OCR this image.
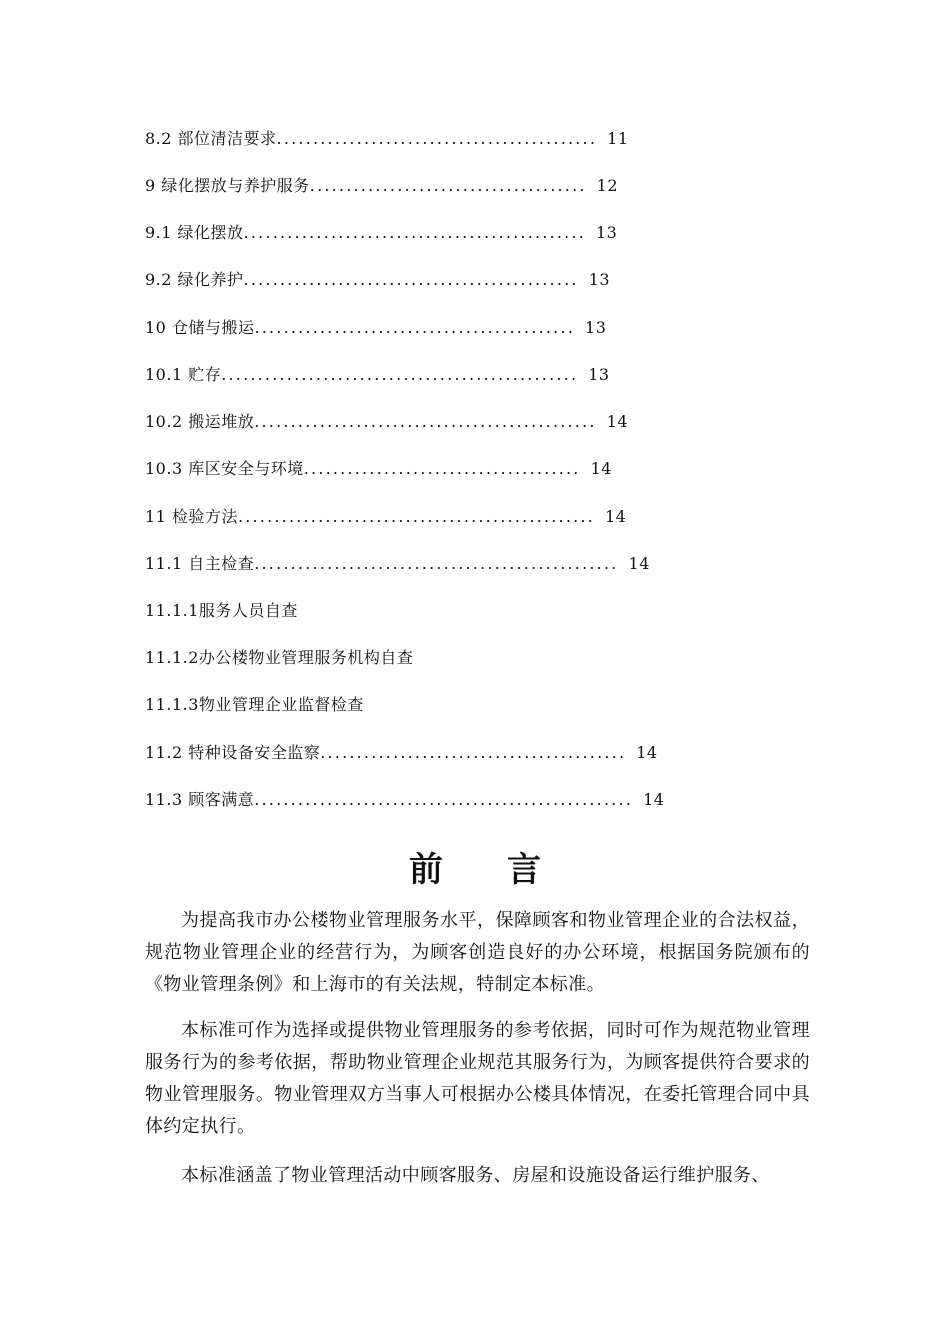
8.2 部位清洁要求............................................ 11
9 绿化摆放与养护服务...................................... 12
9.1 绿化摆放............................................... 13
9.2 绿化养护.............................................. 13
10 仓储与搬运............................................ 13
10.1 贮存................................................. 13
10.2 搬运堆放............................................... 14
10.3 库区安全与环境...................................... 14
11 检验方法................................................. 14
11.1 自主检查.................................................. 14
11.1.1服务人员自查
11.1.2办公楼物业管理服务机构自查
11.1.3物业管理企业监督检查
11.2 特种设备安全监察.......................................... 14
11.3 顾客满意.................................................... 14
前言
为提高我市办公楼物业管理服务水平，保障顾客和物业管理企业的合法权益，规范物业管理企业的经营行为，为顾客创造良好的办公环境，根据国务院颁布的《物业管理条例》和上海市的有关法规，特制定本标准。
本标准可作为选择或提供物业管理服务的参考依据，同时可作为规范物业管理服务行为的参考依据，帮助物业管理企业规范其服务行为，为顾客提供符合要求的物业管理服务。物业管理双方当事人可根据办公楼具体情况，在委托管理合同中具体约定执行。
本标准涵盖了物业管理活动中顾客服务、房屋和设施设备运行维护服务、
